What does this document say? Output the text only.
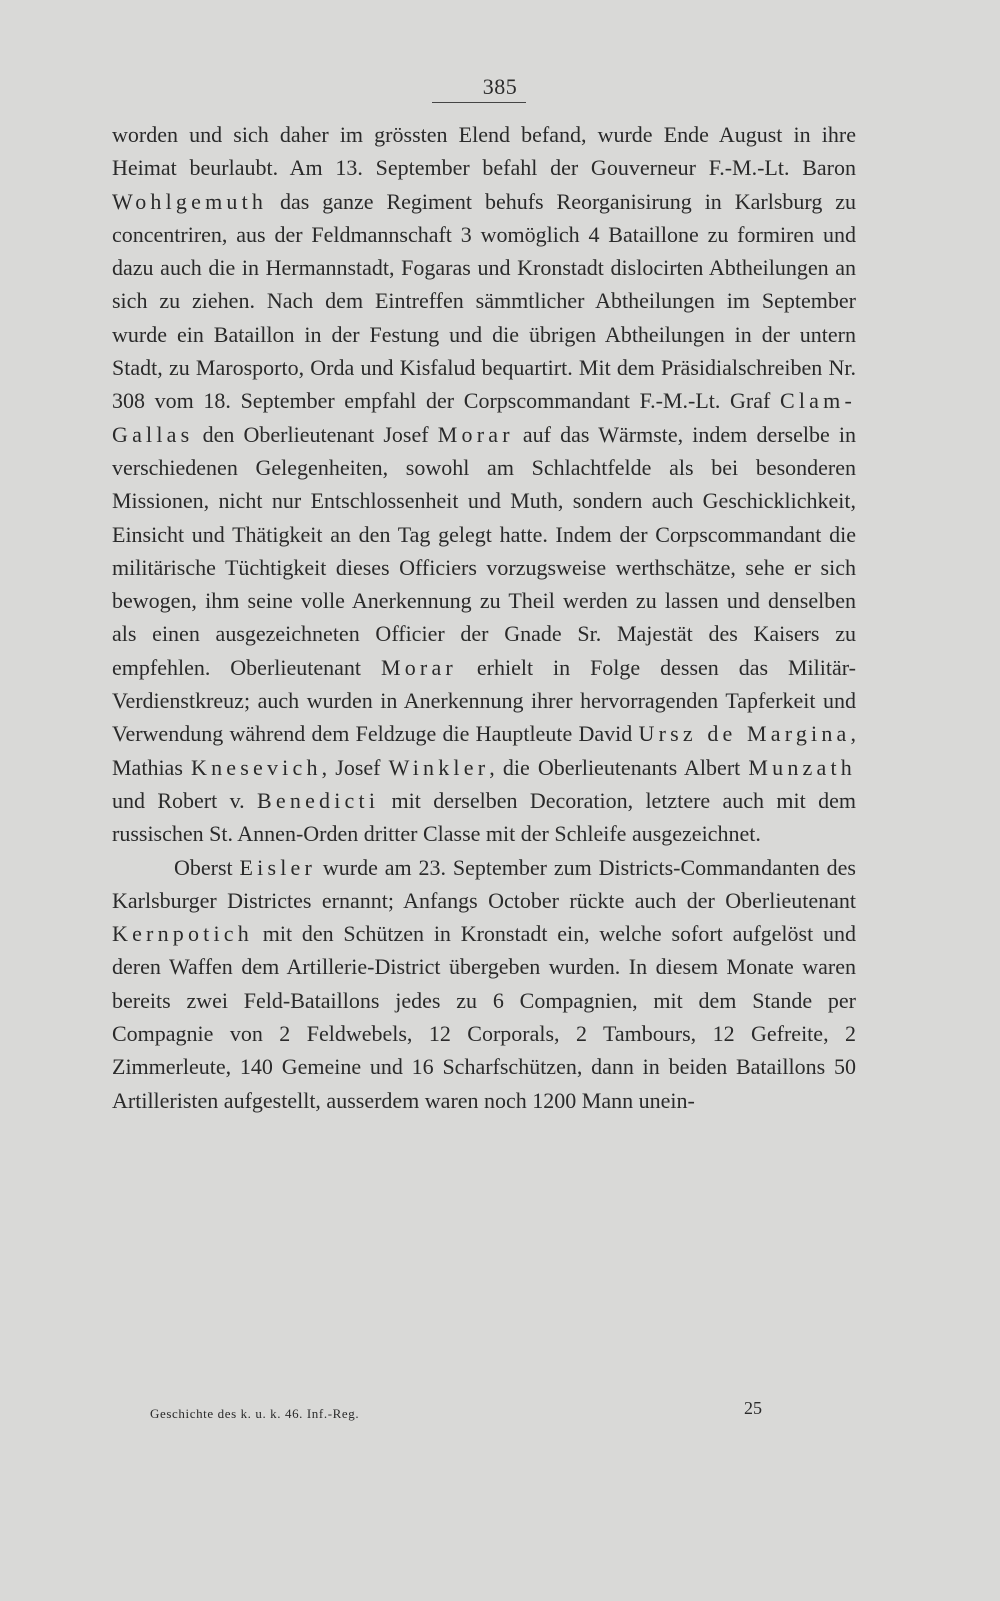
385

worden und sich daher im grössten Elend befand, wurde Ende August in ihre Heimat beurlaubt. Am 13. September befahl der Gouverneur F.-M.-Lt. Baron Wohlgemuth das ganze Regiment behufs Reorganisirung in Karlsburg zu concentriren, aus der Feldmannschaft 3 womöglich 4 Bataillone zu formiren und dazu auch die in Hermannstadt, Fogaras und Kronstadt dislocirten Abtheilungen an sich zu ziehen. Nach dem Eintreffen sämmtlicher Abtheilungen im September wurde ein Bataillon in der Festung und die übrigen Abtheilungen in der untern Stadt, zu Marosporto, Orda und Kisfalud bequartirt. Mit dem Präsidialschreiben Nr. 308 vom 18. September empfahl der Corpscommandant F.-M.-Lt. Graf Clam-Gallas den Oberlieutenant Josef Morar auf das Wärmste, indem derselbe in verschiedenen Gelegenheiten, sowohl am Schlachtfelde als bei besonderen Missionen, nicht nur Entschlossenheit und Muth, sondern auch Geschicklichkeit, Einsicht und Thätigkeit an den Tag gelegt hatte. Indem der Corpscommandant die militärische Tüchtigkeit dieses Officiers vorzugsweise werthschätze, sehe er sich bewogen, ihm seine volle Anerkennung zu Theil werden zu lassen und denselben als einen ausgezeichneten Officier der Gnade Sr. Majestät des Kaisers zu empfehlen. Oberlieutenant Morar erhielt in Folge dessen das Militär-Verdienstkreuz; auch wurden in Anerkennung ihrer hervorragenden Tapferkeit und Verwendung während dem Feldzuge die Hauptleute David Ursz de Margina, Mathias Knesevich, Josef Winkler, die Oberlieutenants Albert Munzath und Robert v. Benedicti mit derselben Decoration, letztere auch mit dem russischen St. Annen-Orden dritter Classe mit der Schleife ausgezeichnet.

Oberst Eisler wurde am 23. September zum Districts-Commandanten des Karlsburger Districtes ernannt; Anfangs October rückte auch der Oberlieutenant Kernpotich mit den Schützen in Kronstadt ein, welche sofort aufgelöst und deren Waffen dem Artillerie-District übergeben wurden. In diesem Monate waren bereits zwei Feld-Bataillons jedes zu 6 Compagnien, mit dem Stande per Compagnie von 2 Feldwebels, 12 Corporals, 2 Tambours, 12 Gefreite, 2 Zimmerleute, 140 Gemeine und 16 Scharfschützen, dann in beiden Bataillons 50 Artilleristen aufgestellt, ausserdem waren noch 1200 Mann unein-

Geschichte des k. u. k. 46. Inf.-Reg.	25
